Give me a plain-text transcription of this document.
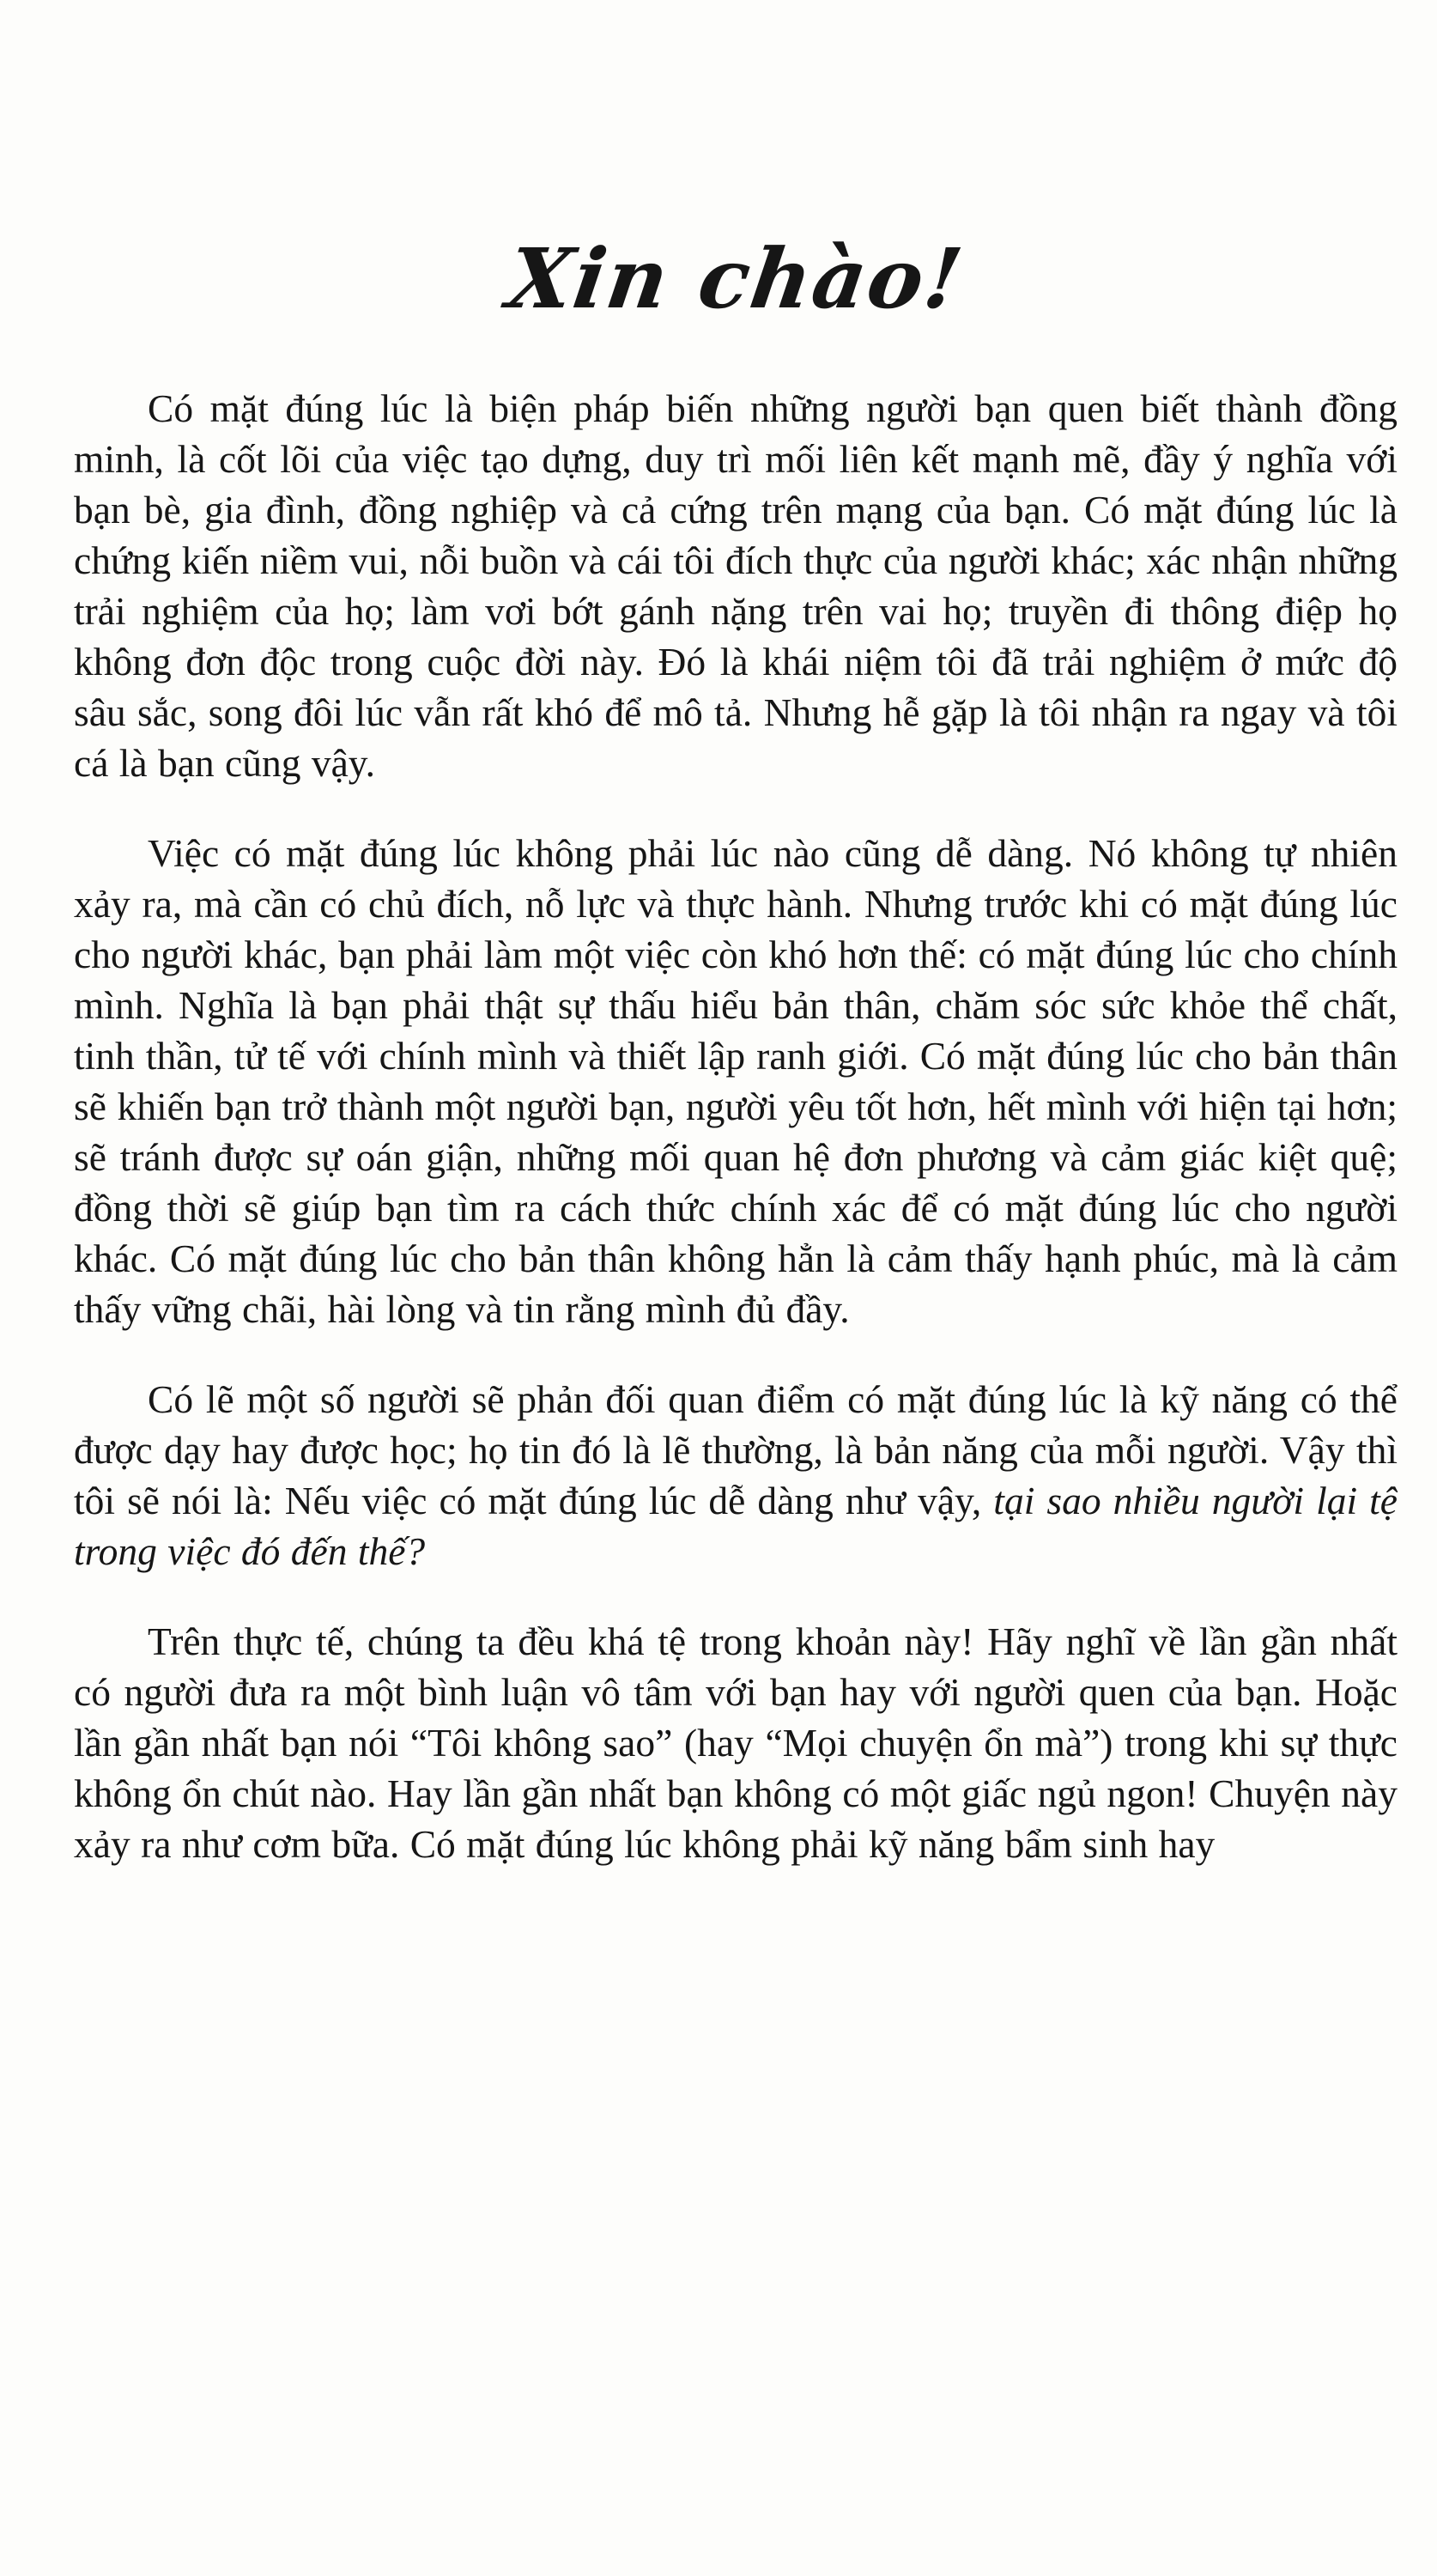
Xin chào!

Có mặt đúng lúc là biện pháp biến những người bạn quen biết thành đồng minh, là cốt lõi của việc tạo dựng, duy trì mối liên kết mạnh mẽ, đầy ý nghĩa với bạn bè, gia đình, đồng nghiệp và cả cứng trên mạng của bạn. Có mặt đúng lúc là chứng kiến niềm vui, nỗi buồn và cái tôi đích thực của người khác; xác nhận những trải nghiệm của họ; làm vơi bớt gánh nặng trên vai họ; truyền đi thông điệp họ không đơn độc trong cuộc đời này. Đó là khái niệm tôi đã trải nghiệm ở mức độ sâu sắc, song đôi lúc vẫn rất khó để mô tả. Nhưng hễ gặp là tôi nhận ra ngay và tôi cá là bạn cũng vậy.

Việc có mặt đúng lúc không phải lúc nào cũng dễ dàng. Nó không tự nhiên xảy ra, mà cần có chủ đích, nỗ lực và thực hành. Nhưng trước khi có mặt đúng lúc cho người khác, bạn phải làm một việc còn khó hơn thế: có mặt đúng lúc cho chính mình. Nghĩa là bạn phải thật sự thấu hiểu bản thân, chăm sóc sức khỏe thể chất, tinh thần, tử tế với chính mình và thiết lập ranh giới. Có mặt đúng lúc cho bản thân sẽ khiến bạn trở thành một người bạn, người yêu tốt hơn, hết mình với hiện tại hơn; sẽ tránh được sự oán giận, những mối quan hệ đơn phương và cảm giác kiệt quệ; đồng thời sẽ giúp bạn tìm ra cách thức chính xác để có mặt đúng lúc cho người khác. Có mặt đúng lúc cho bản thân không hẳn là cảm thấy hạnh phúc, mà là cảm thấy vững chãi, hài lòng và tin rằng mình đủ đầy.

Có lẽ một số người sẽ phản đối quan điểm có mặt đúng lúc là kỹ năng có thể được dạy hay được học; họ tin đó là lẽ thường, là bản năng của mỗi người. Vậy thì tôi sẽ nói là: Nếu việc có mặt đúng lúc dễ dàng như vậy, tại sao nhiều người lại tệ trong việc đó đến thế?

Trên thực tế, chúng ta đều khá tệ trong khoản này! Hãy nghĩ về lần gần nhất có người đưa ra một bình luận vô tâm với bạn hay với người quen của bạn. Hoặc lần gần nhất bạn nói “Tôi không sao” (hay “Mọi chuyện ổn mà”) trong khi sự thực không ổn chút nào. Hay lần gần nhất bạn không có một giấc ngủ ngon! Chuyện này xảy ra như cơm bữa. Có mặt đúng lúc không phải kỹ năng bẩm sinh hay
